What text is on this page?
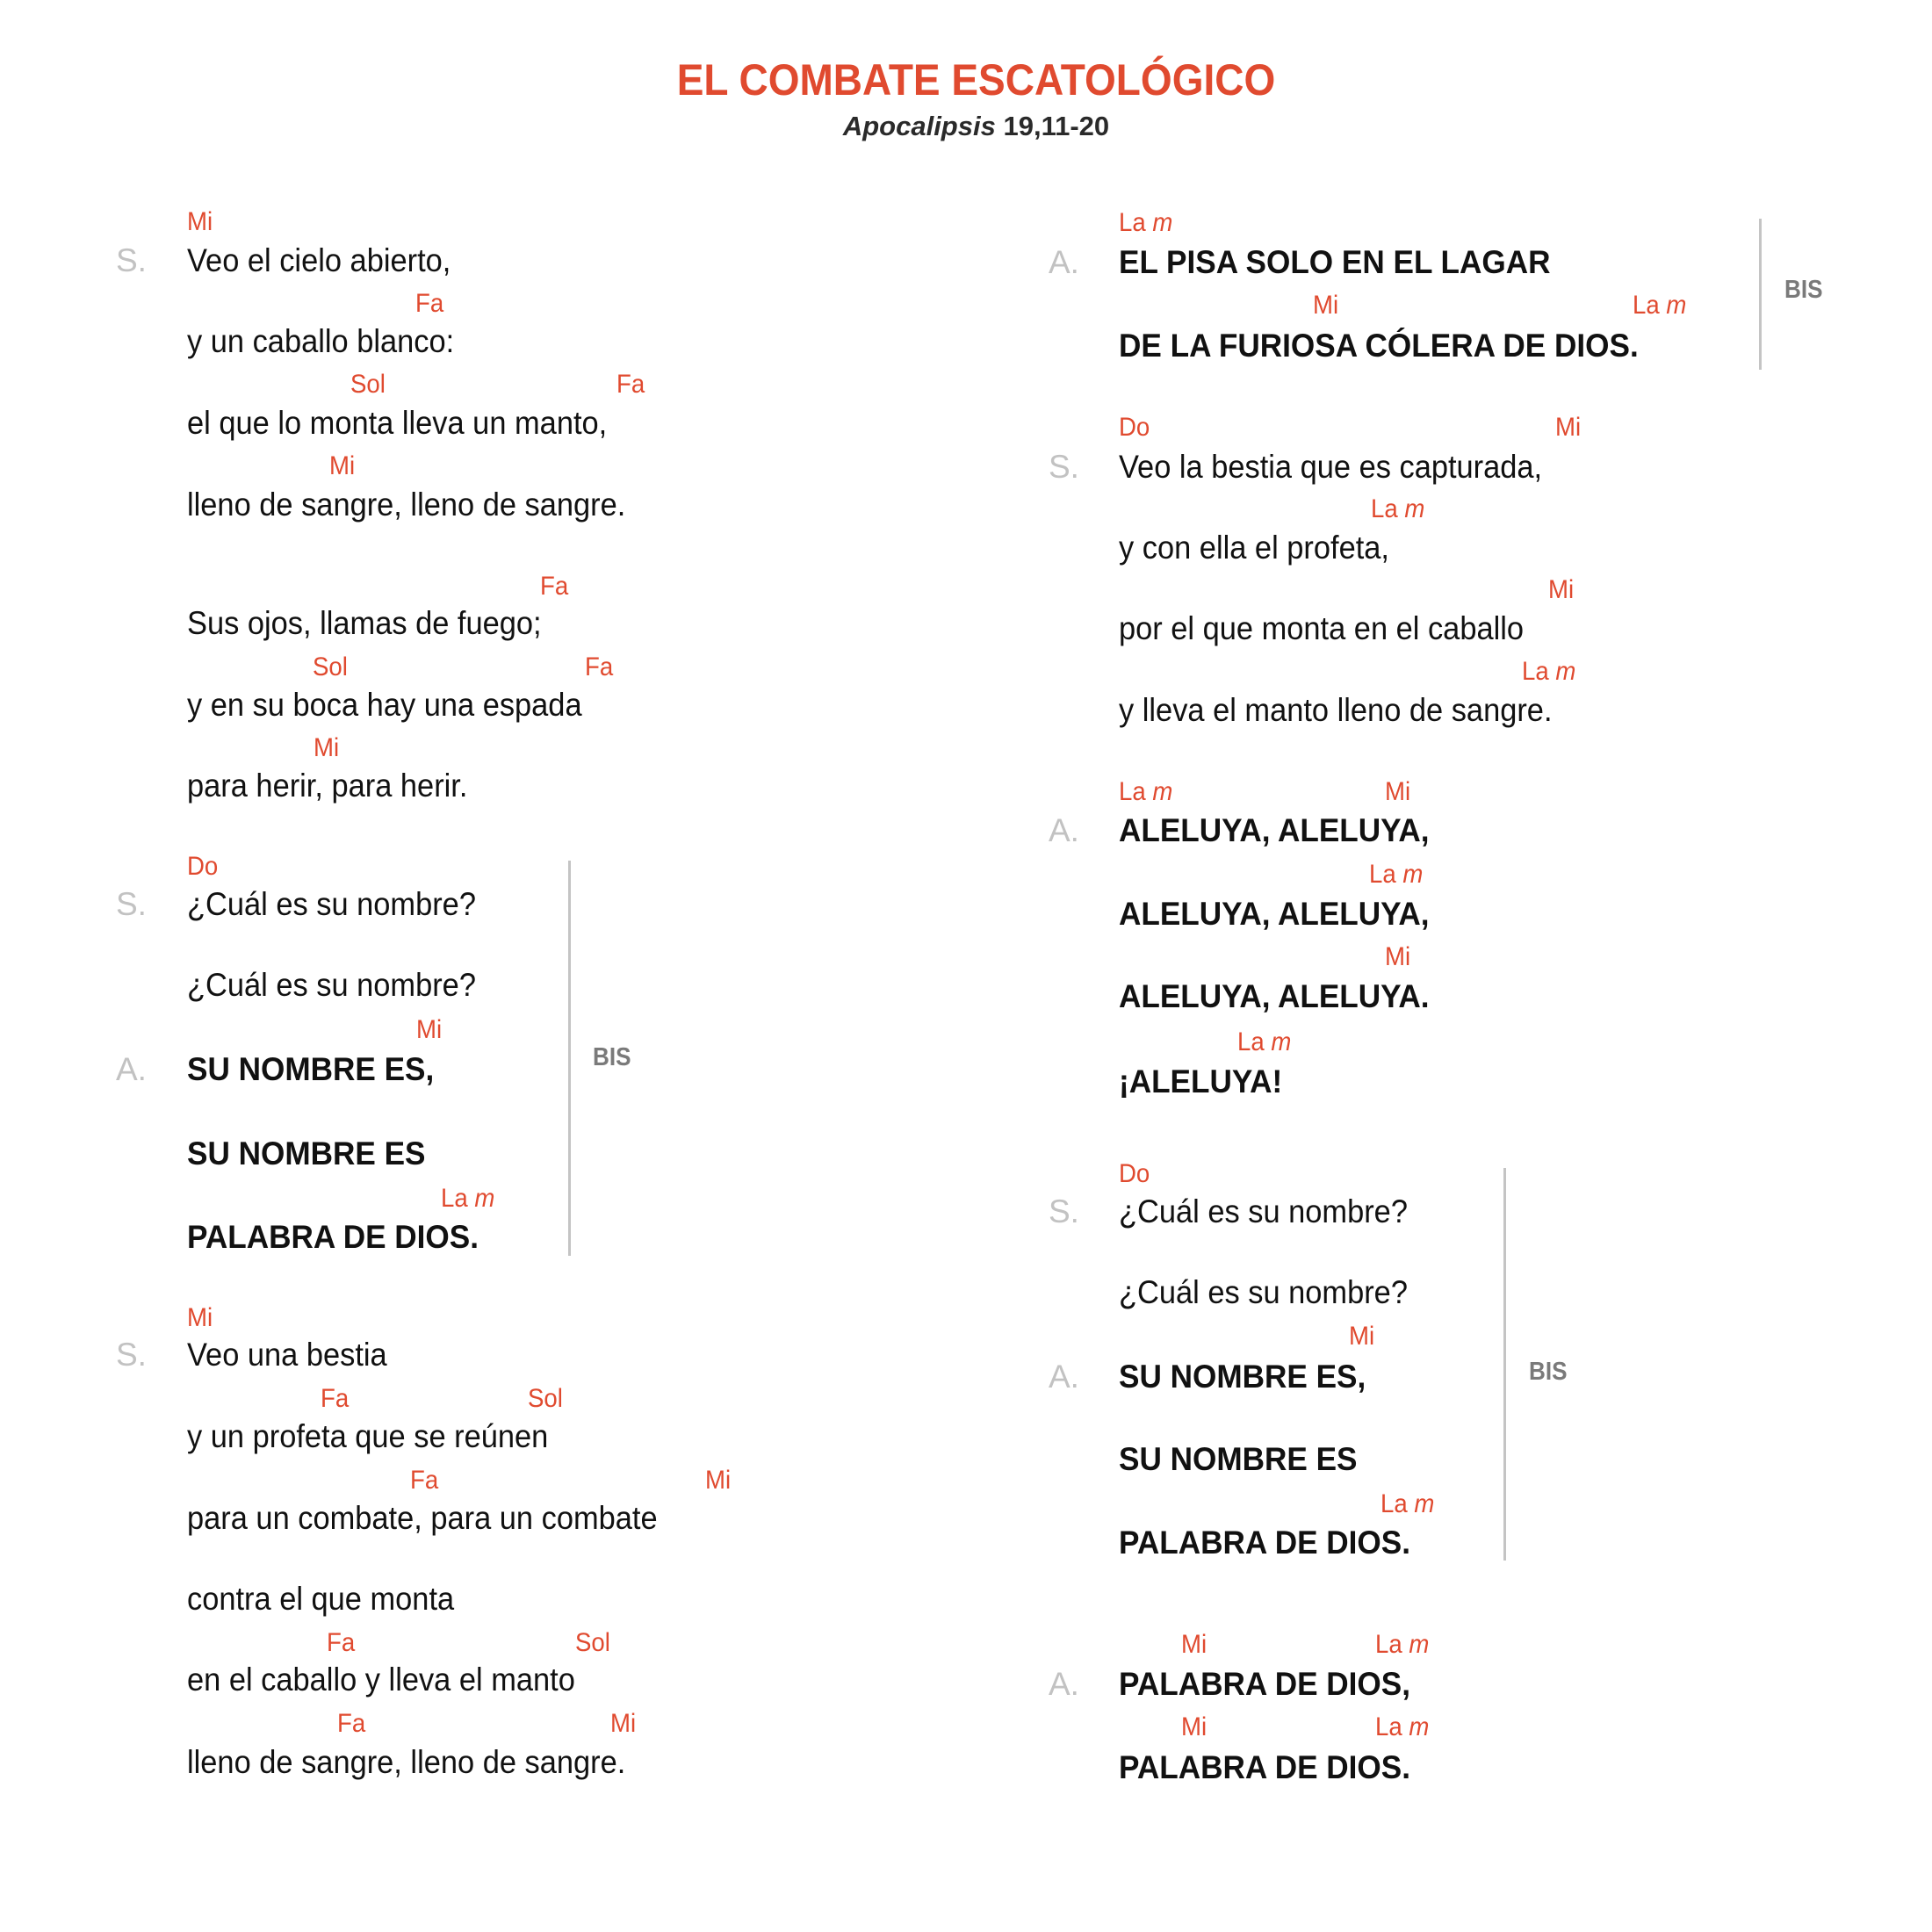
EL COMBATE ESCATOLÓGICO
Apocalipsis 19,11-20
S.
Mi
Veo el cielo abierto,
Fa
y un caballo blanco:
Sol	Fa
el que lo monta lleva un manto,
Mi
lleno de sangre, lleno de sangre.
Fa
Sus ojos, llamas de fuego;
Sol	Fa
y en su boca hay una espada
Mi
para herir, para herir.
S.
Do
¿Cuál es su nombre?
¿Cuál es su nombre?
A.
Mi
SU NOMBRE ES,
SU NOMBRE ES
La m
PALABRA DE DIOS.
BIS
S.
Mi
Veo una bestia
Fa	Sol
y un profeta que se reúnen
Fa	Mi
para un combate, para un combate
contra el que monta
Fa	Sol
en el caballo y lleva el manto
Fa	Mi
lleno de sangre, lleno de sangre.
A.
La m
EL PISA SOLO EN EL LAGAR
Mi	La m
DE LA FURIOSA CÓLERA DE DIOS.
BIS
S.
Do	Mi
Veo la bestia que es capturada,
La m
y con ella el profeta,
Mi
por el que monta en el caballo
La m
y lleva el manto lleno de sangre.
A.
La m	Mi
ALELUYA, ALELUYA,
La m
ALELUYA, ALELUYA,
Mi
ALELUYA, ALELUYA.
La m
¡ALELUYA!
S.
Do
¿Cuál es su nombre?
¿Cuál es su nombre?
A.
Mi
SU NOMBRE ES,
SU NOMBRE ES
La m
PALABRA DE DIOS.
BIS
A.
Mi	La m
PALABRA DE DIOS,
Mi	La m
PALABRA DE DIOS.
